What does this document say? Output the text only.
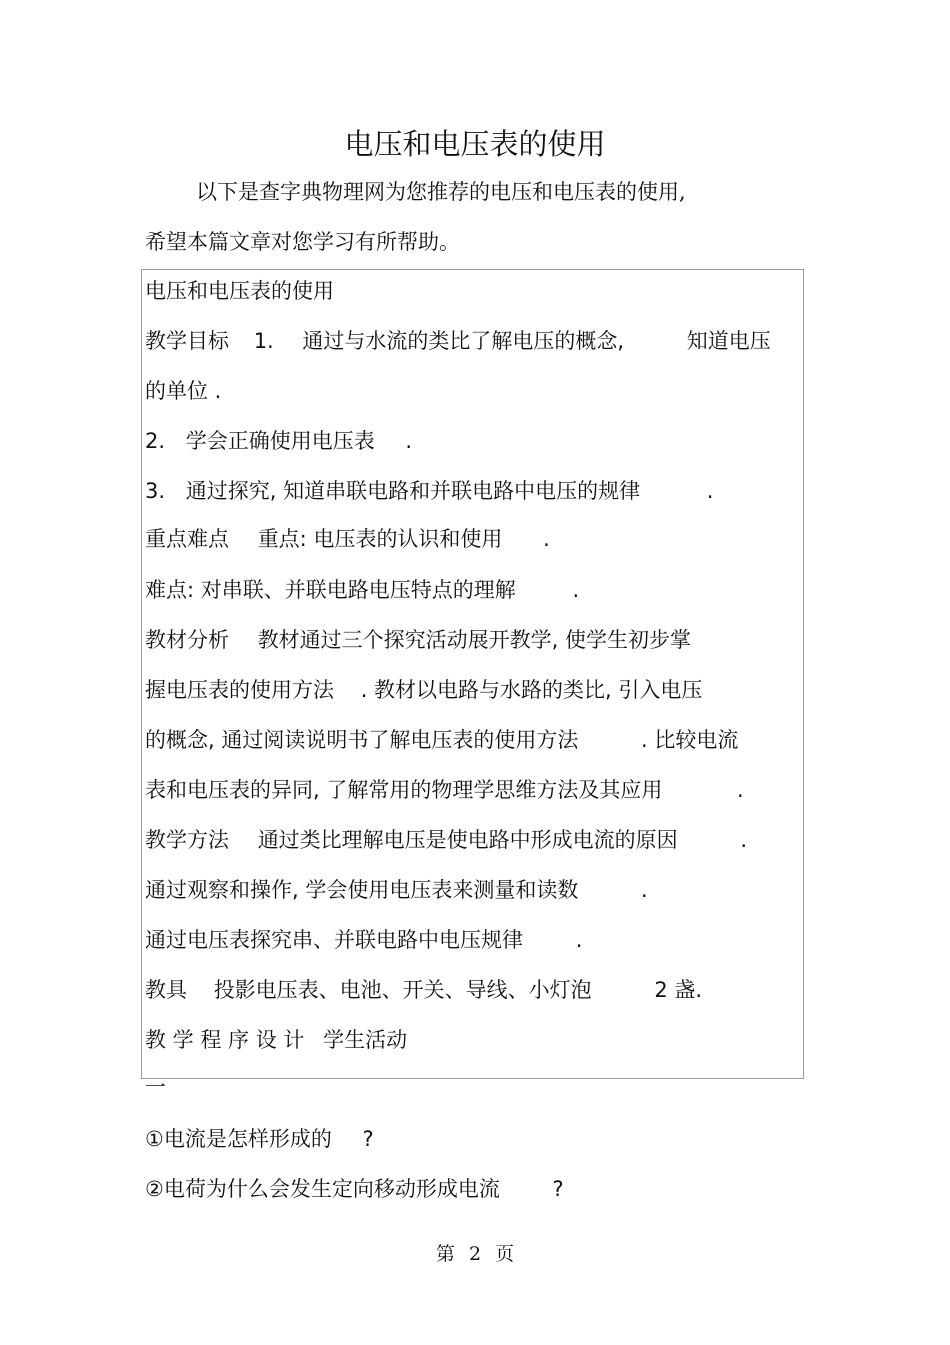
电压和电压表的使用
以下是查字典物理网为您推荐的电压和电压表的使用,
希望本篇文章对您学习有所帮助。
电压和电压表的使用
教学目标 1. 通过与水流的类比了解电压的概念,	知道电压
的单位 .
2. 学会正确使用电压表 .
3. 通过探究, 知道串联电路和并联电路中电压的规律	.
重点难点 重点: 电压表的认识和使用 .
难点: 对串联、并联电路电压特点的理解	.
教材分析 教材通过三个探究活动展开教学, 使学生初步掌
握电压表的使用方法 . 教材以电路与水路的类比, 引入电压
的概念, 通过阅读说明书了解电压表的使用方法	. 比较电流
表和电压表的异同, 了解常用的物理学思维方法及其应用	.
教学方法 通过类比理解电压是使电路中形成电流的原因	.
通过观察和操作, 学会使用电压表来测量和读数	.
通过电压表探究串、并联电路中电压规律	.
教具 投影电压表、电池、开关、导线、小灯泡	2 盏.
教 学 程 序 设 计 学生活动
一
①电流是怎样形成的 ?
②电荷为什么会发生定向移动形成电流	?
第 2 页
